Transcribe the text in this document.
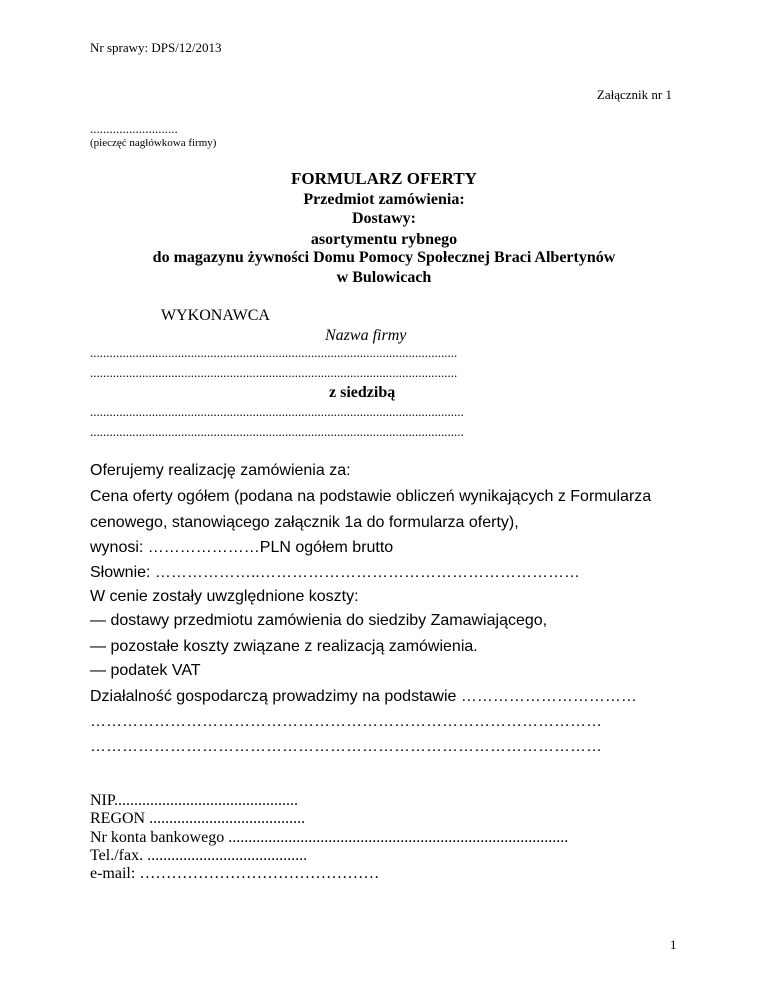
Nr sprawy: DPS/12/2013
Załącznik nr 1
...........................
(pieczęć nagłówkowa firmy)
FORMULARZ OFERTY
Przedmiot zamówienia:
Dostawy:
asortymentu rybnego
do magazynu żywności Domu Pomocy Społecznej Braci Albertynów
w Bulowicach
WYKONAWCA
Nazwa firmy
.................................................................................................................
.................................................................................................................
z siedzibą
...................................................................................................................
...................................................................................................................
Oferujemy realizację zamówienia za:
Cena oferty ogółem (podana na podstawie obliczeń wynikających z Formularza
cenowego, stanowiącego załącznik 1a do formularza oferty),
wynosi: …………………PLN ogółem brutto
Słownie: ………………..……………………………………………………
W cenie zostały uwzględnione koszty:
— dostawy przedmiotu zamówienia do siedziby Zamawiającego,
— pozostałe koszty związane z realizacją zamówienia.
— podatek VAT
Działalność gospodarczą prowadzimy na podstawie ……………………………
……………………………………………………………………………………
……………………………………………………………………………………
NIP..............................................
REGON .......................................
Nr konta bankowego .....................................................................................
Tel./fax. ........................................
e-mail: ………………………………………
1
